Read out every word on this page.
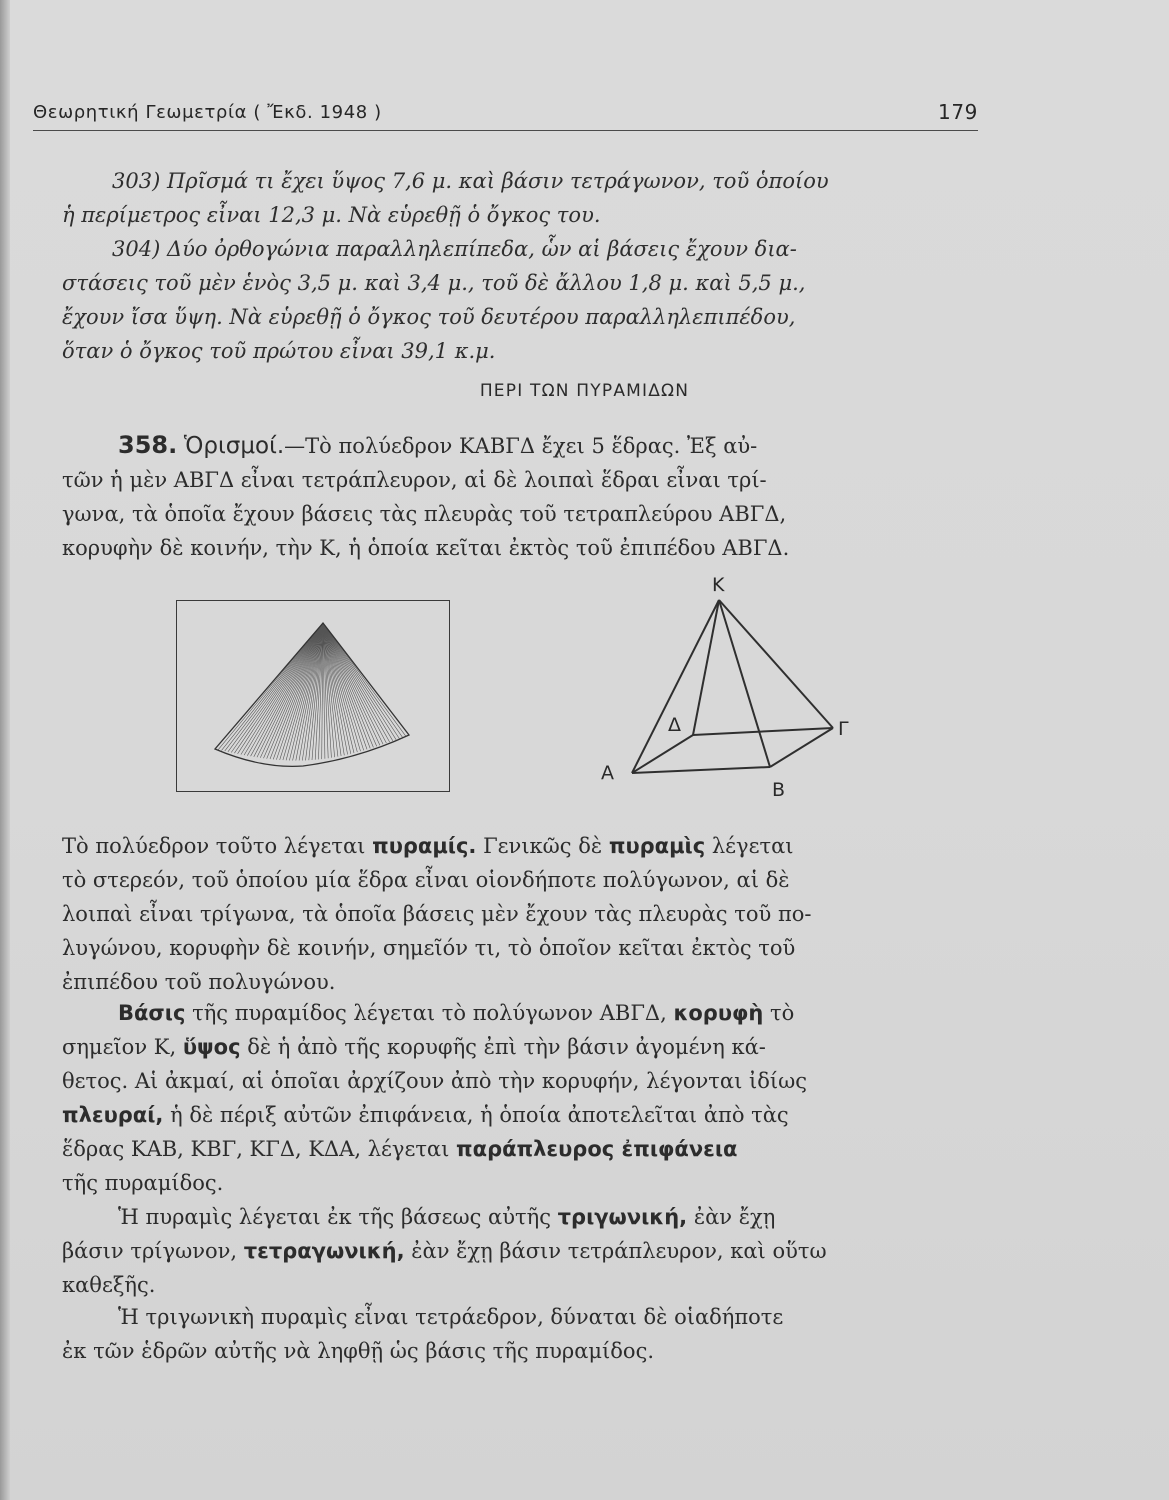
Θεωρητική Γεωμετρία ( Ἔκδ. 1948 )	179
303) Πρῖσμά τι ἔχει ὕψος 7,6 μ. καὶ βάσιν τετράγωνον, τοῦ ὁποίου
ἡ περίμετρος εἶναι 12,3 μ. Νὰ εὑρεθῇ ὁ ὄγκος του.
304) Δύο ὀρθογώνια παραλληλεπίπεδα, ὧν αἱ βάσεις ἔχουν δια-
στάσεις τοῦ μὲν ἑνὸς 3,5 μ. καὶ 3,4 μ., τοῦ δὲ ἄλλου 1,8 μ. καὶ 5,5 μ.,
ἔχουν ἴσα ὕψη. Νὰ εὑρεθῇ ὁ ὄγκος τοῦ δευτέρου παραλληλεπιπέδου,
ὅταν ὁ ὄγκος τοῦ πρώτου εἶναι 39,1 κ.μ.
ΠΕΡΙ ΤΩΝ ΠΥΡΑΜΙΔΩΝ
358. Ὁρισμοί.—Τὸ πολύεδρον ΚΑΒΓΔ ἔχει 5 ἕδρας. Ἐξ αὐ-
τῶν ἡ μὲν ΑΒΓΔ εἶναι τετράπλευρον, αἱ δὲ λοιπαὶ ἕδραι εἶναι τρί-
γωνα, τὰ ὁποῖα ἔχουν βάσεις τὰς πλευρὰς τοῦ τετραπλεύρου ΑΒΓΔ,
κορυφὴν δὲ κοινήν, τὴν Κ, ἡ ὁποία κεῖται ἐκτὸς τοῦ ἐπιπέδου ΑΒΓΔ.
Κ
Α
Β
Γ
Δ
Τὸ πολύεδρον τοῦτο λέγεται πυραμίς. Γενικῶς δὲ πυραμὶς λέγεται
τὸ στερεόν, τοῦ ὁποίου μία ἕδρα εἶναι οἱονδήποτε πολύγωνον, αἱ δὲ
λοιπαὶ εἶναι τρίγωνα, τὰ ὁποῖα βάσεις μὲν ἔχουν τὰς πλευρὰς τοῦ πο-
λυγώνου, κορυφὴν δὲ κοινήν, σημεῖόν τι, τὸ ὁποῖον κεῖται ἐκτὸς τοῦ
ἐπιπέδου τοῦ πολυγώνου.
Βάσις τῆς πυραμίδος λέγεται τὸ πολύγωνον ΑΒΓΔ, κορυφὴ τὸ
σημεῖον Κ, ὕψος δὲ ἡ ἀπὸ τῆς κορυφῆς ἐπὶ τὴν βάσιν ἀγομένη κά-
θετος. Αἱ ἀκμαί, αἱ ὁποῖαι ἀρχίζουν ἀπὸ τὴν κορυφήν, λέγονται ἰδίως
πλευραί, ἡ δὲ πέριξ αὐτῶν ἐπιφάνεια, ἡ ὁποία ἀποτελεῖται ἀπὸ τὰς
ἕδρας ΚΑΒ, ΚΒΓ, ΚΓΔ, ΚΔΑ, λέγεται παράπλευρος ἐπιφάνεια
τῆς πυραμίδος.
Ἡ πυραμὶς λέγεται ἐκ τῆς βάσεως αὐτῆς τριγωνική, ἐὰν ἔχῃ
βάσιν τρίγωνον, τετραγωνική, ἐὰν ἔχῃ βάσιν τετράπλευρον, καὶ οὕτω
καθεξῆς.
Ἡ τριγωνικὴ πυραμὶς εἶναι τετράεδρον, δύναται δὲ οἱαδήποτε
ἐκ τῶν ἑδρῶν αὐτῆς νὰ ληφθῇ ὡς βάσις τῆς πυραμίδος.
